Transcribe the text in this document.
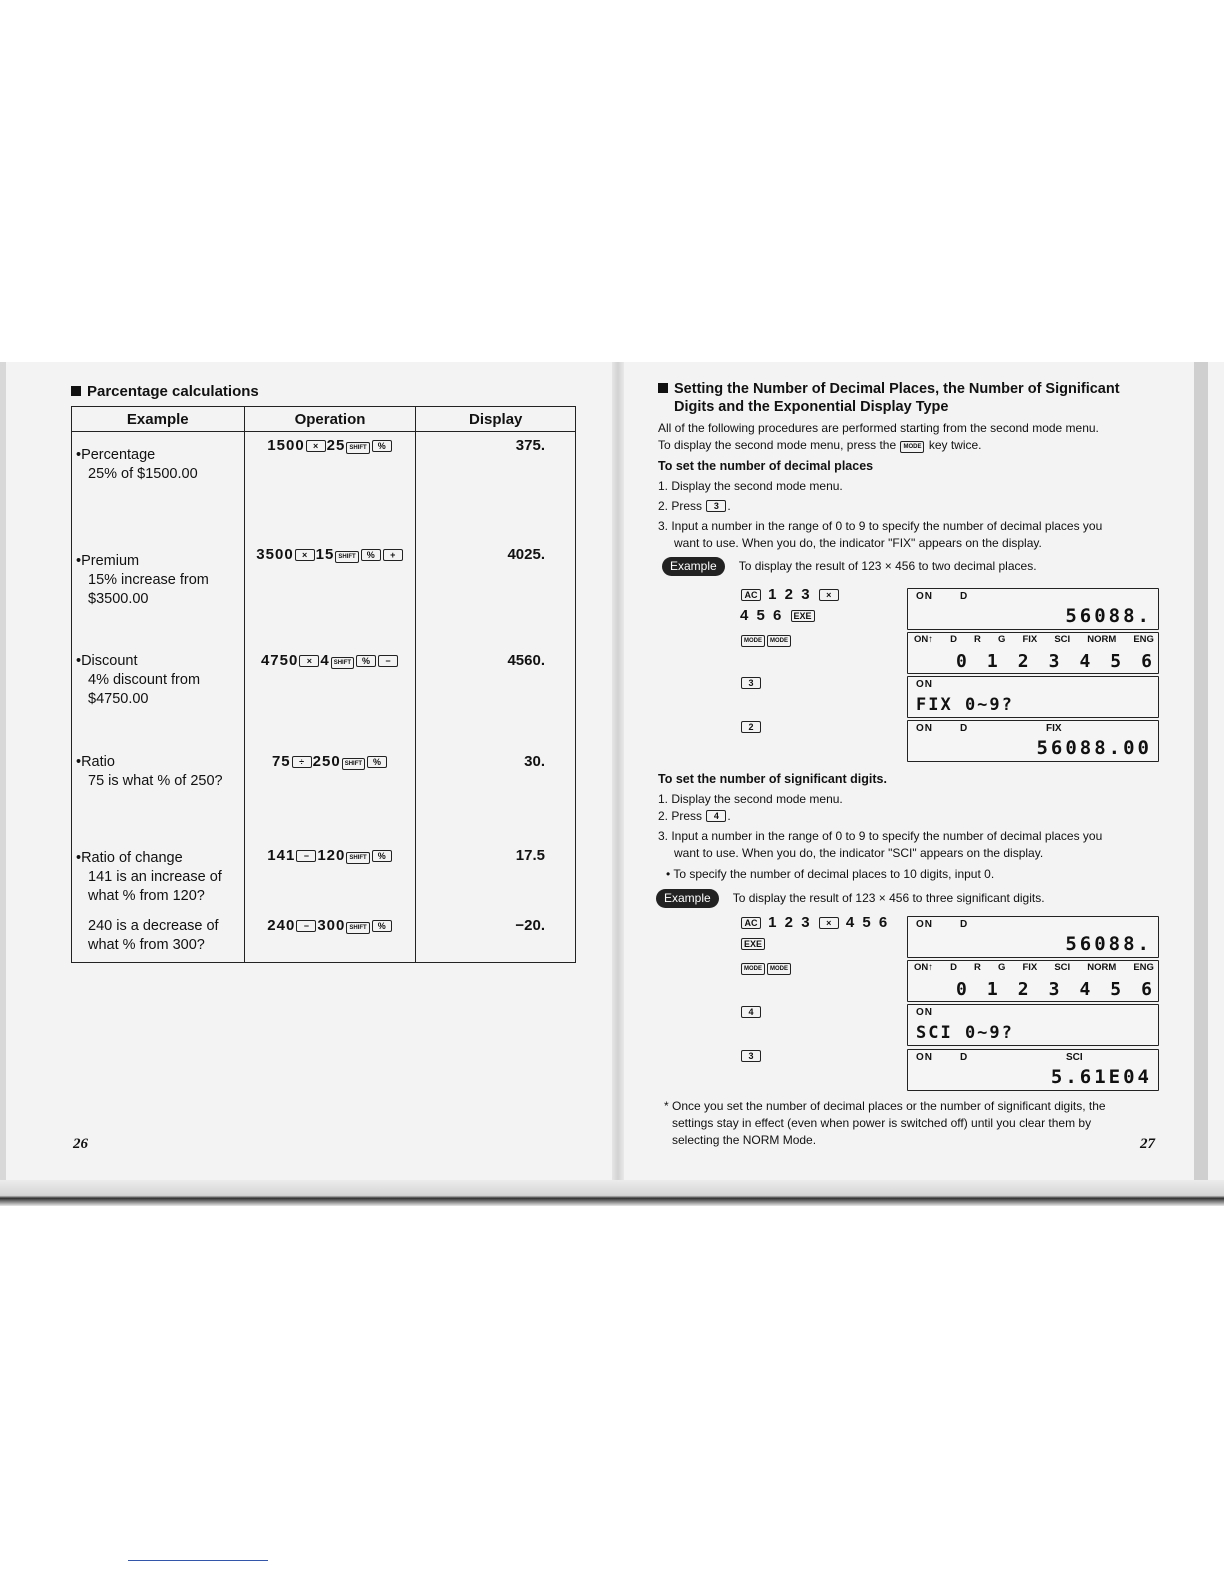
Parcentage calculations
Example	Operation	Display

•Percentage
25% of $1500.00	1500 × 25 SHIFT %	375.

•Premium
15% increase from
$3500.00	3500 × 15 SHIFT % +	4025.

•Discount
4% discount from
$4750.00	4750 × 4 SHIFT % −	4560.

•Ratio
75 is what % of 250?	75 ÷ 250 SHIFT %	30.

•Ratio of change
141 is an increase of
what % from 120?	141 − 120 SHIFT %	17.5

240 is a decrease of
what % from 300?	240 − 300 SHIFT %	−20.
26
Setting the Number of Decimal Places, the Number of Significant
Digits and the Exponential Display Type

All of the following procedures are performed starting from the second mode menu.

To display the second mode menu, press the MODE key twice.

To set the number of decimal places

1. Display the second mode menu.

2. Press 3 .

3. Input a number in the range of 0 to 9 to specify the number of decimal places you

want to use. When you do, the indicator "FIX" appears on the display.

Example To display the result of 123 × 456 to two decimal places.
AC 1 2 3 ×
4 5 6 EXE
MODE MODE
3
2
ON	D
56088.
ON↑ D R G FIX SCI NORM ENG
0 1 2 3 4 5 6
ON
FIX 0~9?
ON	D	FIX
56088.00

To set the number of significant digits.

1. Display the second mode menu.

2. Press 4 .

3. Input a number in the range of 0 to 9 to specify the number of decimal places you

want to use. When you do, the indicator "SCI" appears on the display.

• To specify the number of decimal places to 10 digits, input 0.

Example To display the result of 123 × 456 to three significant digits.
AC 1 2 3 × 4 5 6
EXE
MODE MODE
4
3
ON	D
56088.
ON↑ D R G FIX SCI NORM ENG
0 1 2 3 4 5 6
ON
SCI 0~9?
ON	D	SCI
5.61E04

* Once you set the number of decimal places or the number of significant digits, the

settings stay in effect (even when power is switched off) until you clear them by

selecting the NORM Mode.	27
